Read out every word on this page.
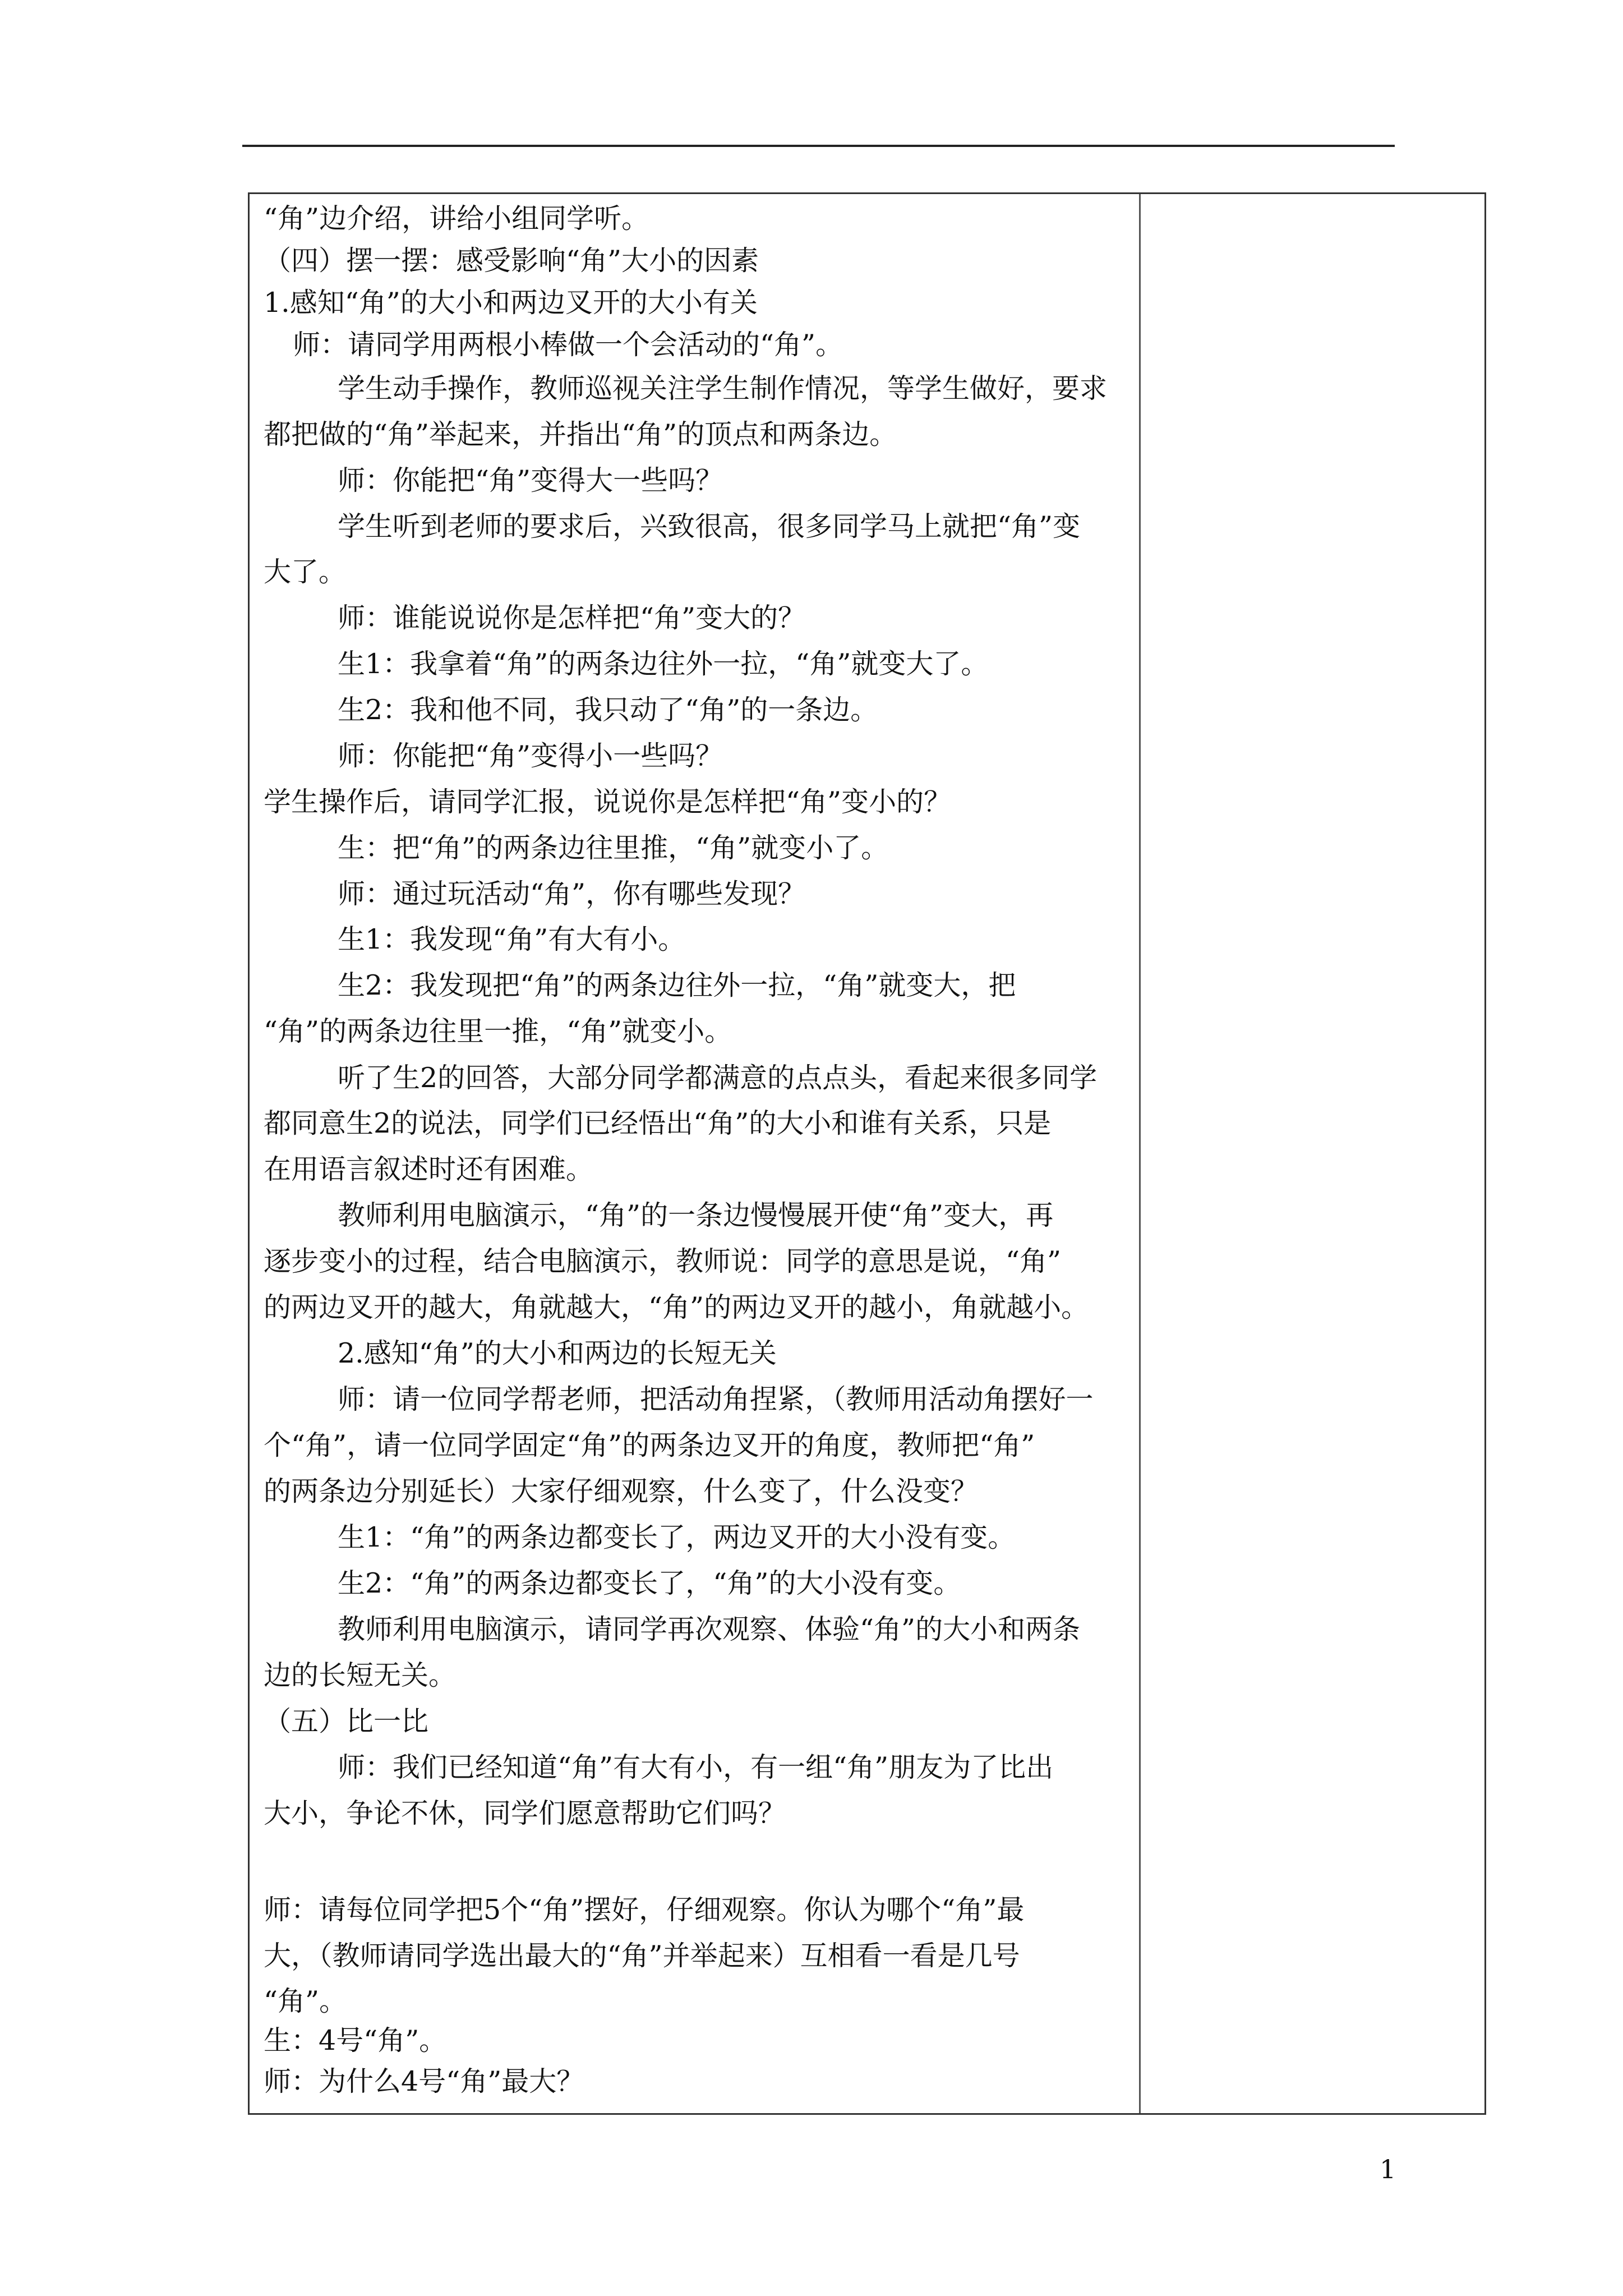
“角”边介绍，讲给小组同学听。
（四）摆一摆：感受影响“角”大小的因素
1.感知“角”的大小和两边叉开的大小有关
师：请同学用两根小棒做一个会活动的“角”。
学生动手操作，教师巡视关注学生制作情况，等学生做好，要求
都把做的“角”举起来，并指出“角”的顶点和两条边。
师：你能把“角”变得大一些吗？
学生听到老师的要求后，兴致很高，很多同学马上就把“角”变
大了。
师：谁能说说你是怎样把“角”变大的？
生1：我拿着“角”的两条边往外一拉，“角”就变大了。
生2：我和他不同，我只动了“角”的一条边。
师：你能把“角”变得小一些吗？
学生操作后，请同学汇报，说说你是怎样把“角”变小的？
生：把“角”的两条边往里推，“角”就变小了。
师：通过玩活动“角”，你有哪些发现？
生1：我发现“角”有大有小。
生2：我发现把“角”的两条边往外一拉，“角”就变大，把
“角”的两条边往里一推，“角”就变小。
听了生2的回答，大部分同学都满意的点点头，看起来很多同学
都同意生2的说法，同学们已经悟出“角”的大小和谁有关系，只是
在用语言叙述时还有困难。
教师利用电脑演示，“角”的一条边慢慢展开使“角”变大，再
逐步变小的过程，结合电脑演示，教师说：同学的意思是说，“角”
的两边叉开的越大，角就越大，“角”的两边叉开的越小，角就越小。
2.感知“角”的大小和两边的长短无关
师：请一位同学帮老师，把活动角捏紧，（教师用活动角摆好一
个“角”，请一位同学固定“角”的两条边叉开的角度，教师把“角”
的两条边分别延长）大家仔细观察，什么变了，什么没变？
生1：“角”的两条边都变长了，两边叉开的大小没有变。
生2：“角”的两条边都变长了，“角”的大小没有变。
教师利用电脑演示，请同学再次观察、体验“角”的大小和两条
边的长短无关。
（五）比一比
师：我们已经知道“角”有大有小，有一组“角”朋友为了比出
大小，争论不休，同学们愿意帮助它们吗？
师：请每位同学把5个“角”摆好，仔细观察。你认为哪个“角”最
大，（教师请同学选出最大的“角”并举起来）互相看一看是几号
“角”。
生：4号“角”。
师：为什么4号“角”最大？
1
